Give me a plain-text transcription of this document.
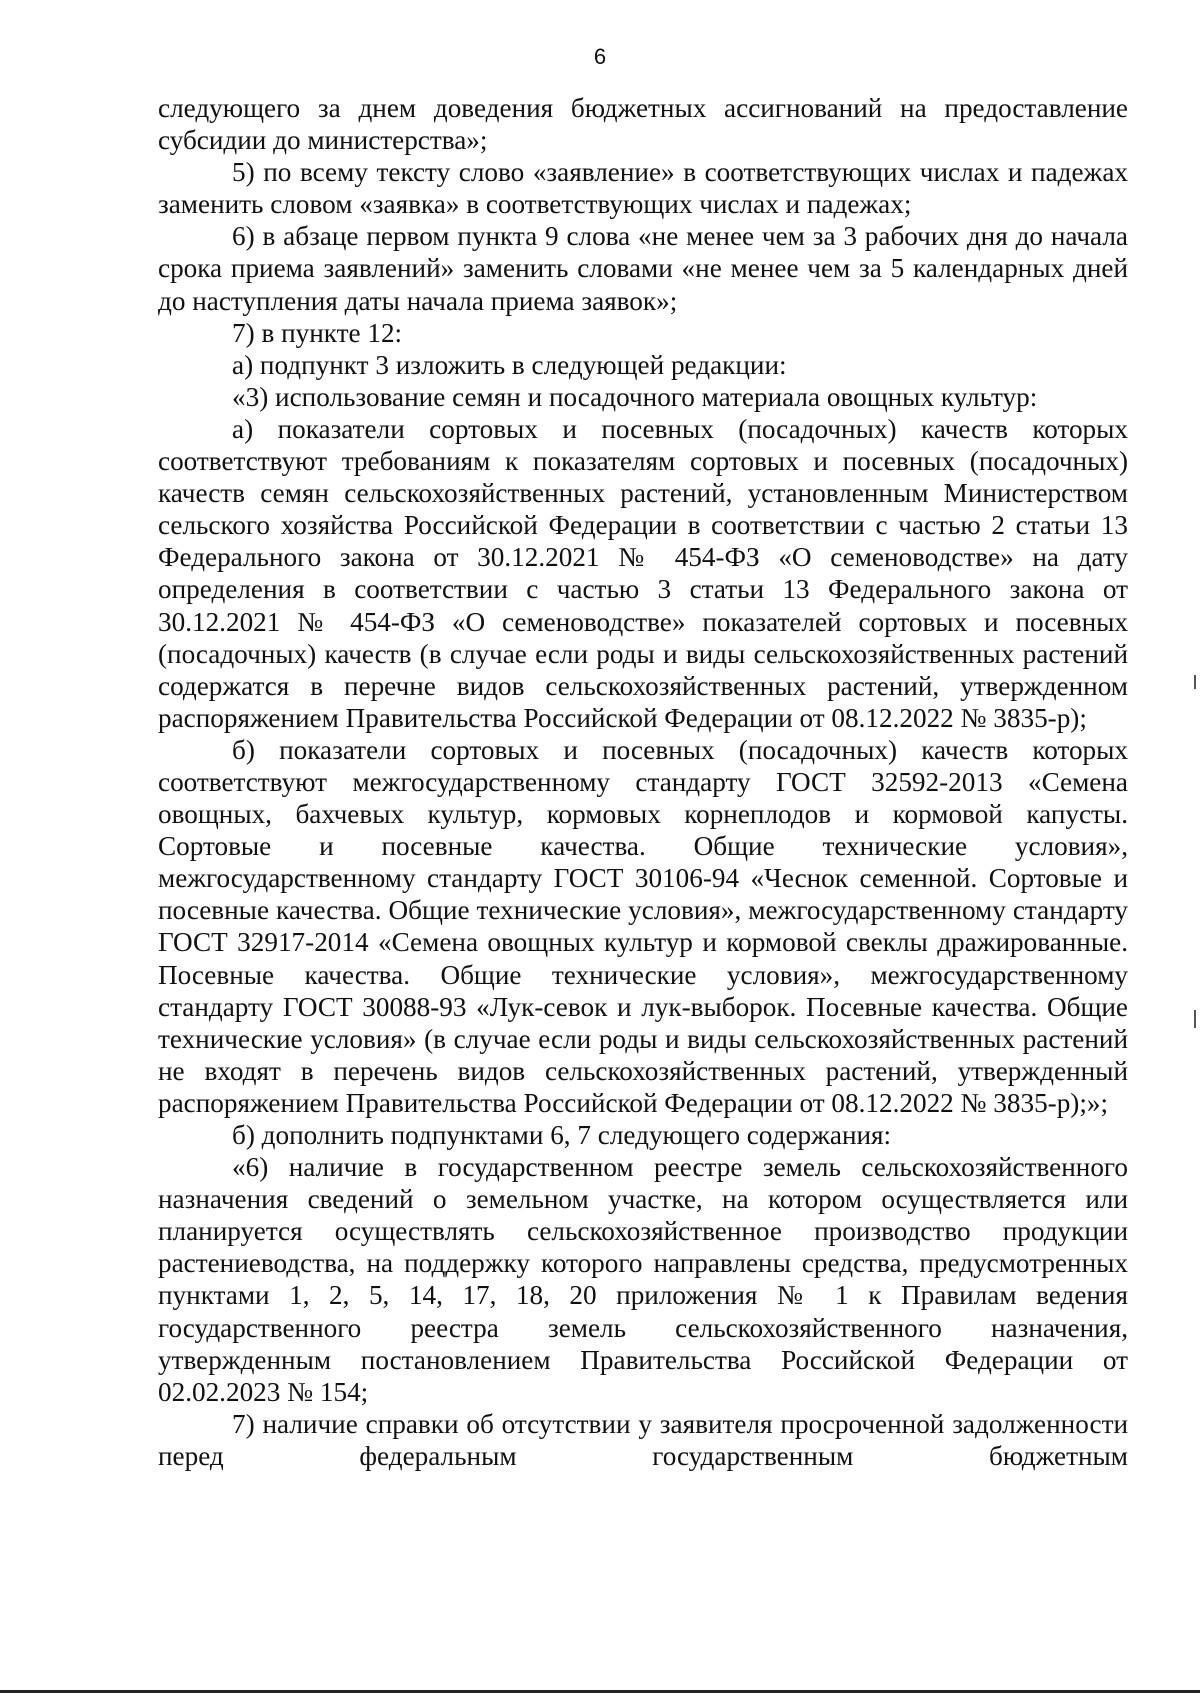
6

следующего за днем доведения бюджетных ассигнований на предоставление субсидии до министерства»;

5) по всему тексту слово «заявление» в соответствующих числах и падежах заменить словом «заявка» в соответствующих числах и падежах;

6) в абзаце первом пункта 9 слова «не менее чем за 3 рабочих дня до начала срока приема заявлений» заменить словами «не менее чем за 5 календарных дней до наступления даты начала приема заявок»;

7) в пункте 12:

а) подпункт 3 изложить в следующей редакции:

«3) использование семян и посадочного материала овощных культур:

а) показатели сортовых и посевных (посадочных) качеств которых соответствуют требованиям к показателям сортовых и посевных (посадочных) качеств семян сельскохозяйственных растений, установленным Министерством сельского хозяйства Российской Федерации в соответствии с частью 2 статьи 13 Федерального закона от 30.12.2021 № 454-ФЗ «О семеноводстве» на дату определения в соответствии с частью 3 статьи 13 Федерального закона от 30.12.2021 № 454-ФЗ «О семеноводстве» показателей сортовых и посевных (посадочных) качеств (в случае если роды и виды сельскохозяйственных растений содержатся в перечне видов сельскохозяйственных растений, утвержденном распоряжением Правительства Российской Федерации от 08.12.2022 № 3835-р);

б) показатели сортовых и посевных (посадочных) качеств которых соответствуют межгосударственному стандарту ГОСТ 32592-2013 «Семена овощных, бахчевых культур, кормовых корнеплодов и кормовой капусты. Сортовые и посевные качества. Общие технические условия», межгосударственному стандарту ГОСТ 30106-94 «Чеснок семенной. Сортовые и посевные качества. Общие технические условия», межгосударственному стандарту ГОСТ 32917-2014 «Семена овощных культур и кормовой свеклы дражированные. Посевные качества. Общие технические условия», межгосударственному стандарту ГОСТ 30088-93 «Лук-севок и лук-выборок. Посевные качества. Общие технические условия» (в случае если роды и виды сельскохозяйственных растений не входят в перечень видов сельскохозяйственных растений, утвержденный распоряжением Правительства Российской Федерации от 08.12.2022 № 3835-р);»;

б) дополнить подпунктами 6, 7 следующего содержания:

«6) наличие в государственном реестре земель сельскохозяйственного назначения сведений о земельном участке, на котором осуществляется или планируется осуществлять сельскохозяйственное производство продукции растениеводства, на поддержку которого направлены средства, предусмотренных пунктами 1, 2, 5, 14, 17, 18, 20 приложения № 1 к Правилам ведения государственного реестра земель сельскохозяйственного назначения, утвержденным постановлением Правительства Российской Федерации от 02.02.2023 № 154;

7) наличие справки об отсутствии у заявителя просроченной задолженности перед федеральным государственным бюджетным
